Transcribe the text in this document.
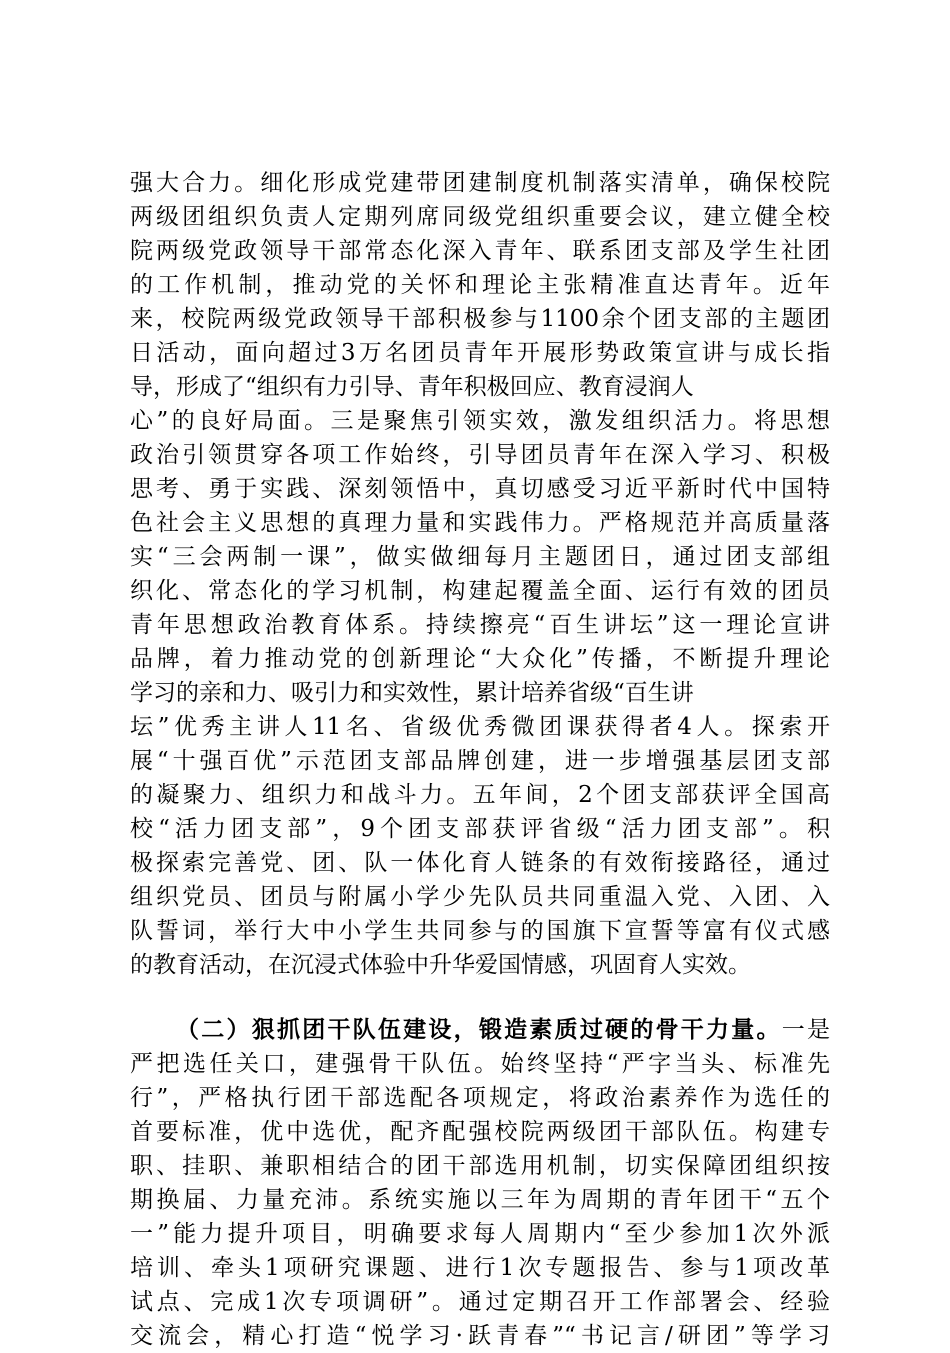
强大合力。细化形成党建带团建制度机制落实清单，确保校院
两级团组织负责人定期列席同级党组织重要会议，建立健全校
院两级党政领导干部常态化深入青年、联系团支部及学生社团
的工作机制，推动党的关怀和理论主张精准直达青年。近年
来，校院两级党政领导干部积极参与1100余个团支部的主题团
日活动，面向超过3万名团员青年开展形势政策宣讲与成长指
导，形成了“组织有力引导、青年积极回应、教育浸润人
心”的良好局面。三是聚焦引领实效，激发组织活力。将思想
政治引领贯穿各项工作始终，引导团员青年在深入学习、积极
思考、勇于实践、深刻领悟中，真切感受习近平新时代中国特
色社会主义思想的真理力量和实践伟力。严格规范并高质量落
实“三会两制一课”，做实做细每月主题团日，通过团支部组
织化、常态化的学习机制，构建起覆盖全面、运行有效的团员
青年思想政治教育体系。持续擦亮“百生讲坛”这一理论宣讲
品牌，着力推动党的创新理论“大众化”传播，不断提升理论
学习的亲和力、吸引力和实效性，累计培养省级“百生讲
坛”优秀主讲人11名、省级优秀微团课获得者4人。探索开
展“十强百优”示范团支部品牌创建，进一步增强基层团支部
的凝聚力、组织力和战斗力。五年间，2个团支部获评全国高
校“活力团支部”，9个团支部获评省级“活力团支部”。积
极探索完善党、团、队一体化育人链条的有效衔接路径，通过
组织党员、团员与附属小学少先队员共同重温入党、入团、入
队誓词，举行大中小学生共同参与的国旗下宣誓等富有仪式感
的教育活动，在沉浸式体验中升华爱国情感，巩固育人实效。
（二）狠抓团干队伍建设，锻造素质过硬的骨干力量。一是
严把选任关口，建强骨干队伍。始终坚持“严字当头、标准先
行”，严格执行团干部选配各项规定，将政治素养作为选任的
首要标准，优中选优，配齐配强校院两级团干部队伍。构建专
职、挂职、兼职相结合的团干部选用机制，切实保障团组织按
期换届、力量充沛。系统实施以三年为周期的青年团干“五个
一”能力提升项目，明确要求每人周期内“至少参加1次外派
培训、牵头1项研究课题、进行1次专题报告、参与1项改革
试点、完成1次专项调研”。通过定期召开工作部署会、经验
交流会，精心打造“悦学习·跃青春”“书记言/研团”等学习
